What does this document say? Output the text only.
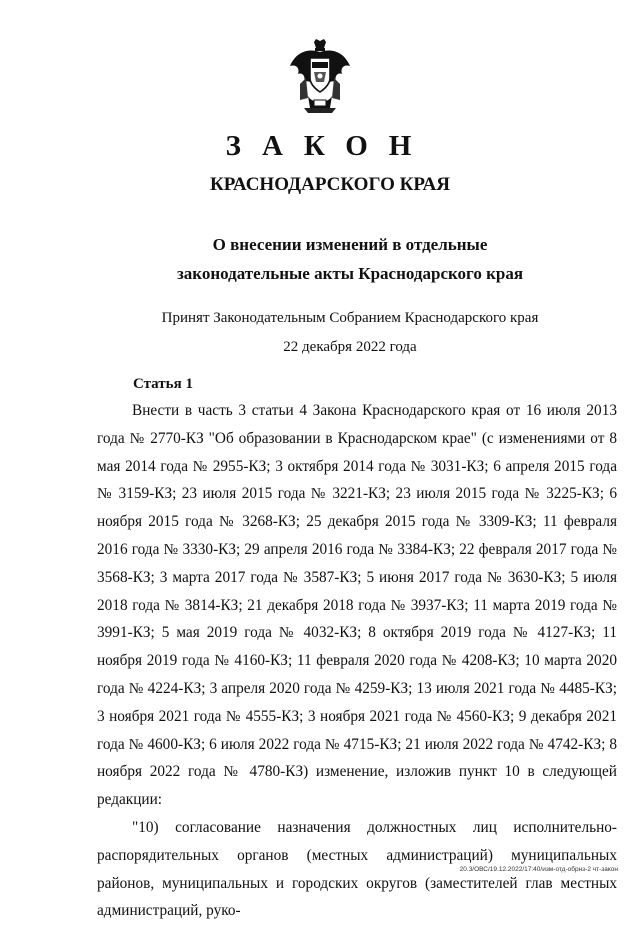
ЗАКОН
КРАСНОДАРСКОГО КРАЯ
О внесении изменений в отдельные
законодательные акты Краснодарского края
Принят Законодательным Собранием Краснодарского края
22 декабря 2022 года
Статья 1

Внести в часть 3 статьи 4 Закона Краснодарского края от 16 июля 2013 года № 2770-КЗ "Об образовании в Краснодарском крае" (с изменениями от 8 мая 2014 года № 2955-КЗ; 3 октября 2014 года № 3031-КЗ; 6 апреля 2015 года № 3159-КЗ; 23 июля 2015 года № 3221-КЗ; 23 июля 2015 года № 3225-КЗ; 6 ноября 2015 года № 3268-КЗ; 25 декабря 2015 года № 3309-КЗ; 11 февраля 2016 года № 3330-КЗ; 29 апреля 2016 года № 3384-КЗ; 22 февраля 2017 года № 3568-КЗ; 3 марта 2017 года № 3587-КЗ; 5 июня 2017 года № 3630-КЗ; 5 июля 2018 года № 3814-КЗ; 21 декабря 2018 года № 3937-КЗ; 11 марта 2019 года № 3991-КЗ; 5 мая 2019 года № 4032-КЗ; 8 октября 2019 года № 4127-КЗ; 11 ноября 2019 года № 4160-КЗ; 11 февраля 2020 года № 4208-КЗ; 10 марта 2020 года № 4224-КЗ; 3 апреля 2020 года № 4259-КЗ; 13 июля 2021 года № 4485-КЗ; 3 ноября 2021 года № 4555-КЗ; 3 ноября 2021 года № 4560-КЗ; 9 декабря 2021 года № 4600-КЗ; 6 июля 2022 года № 4715-КЗ; 21 июля 2022 года № 4742-КЗ; 8 ноября 2022 года № 4780-КЗ) изменение, изложив пункт 10 в следующей редакции:

"10) согласование назначения должностных лиц исполнительно-распорядительных органов (местных администраций) муниципальных районов, муниципальных и городских округов (заместителей глав местных администраций, руко-

20.3/ОВС/19.12.2022/17:40/изм-отд-обрнз-2 чт-закон
